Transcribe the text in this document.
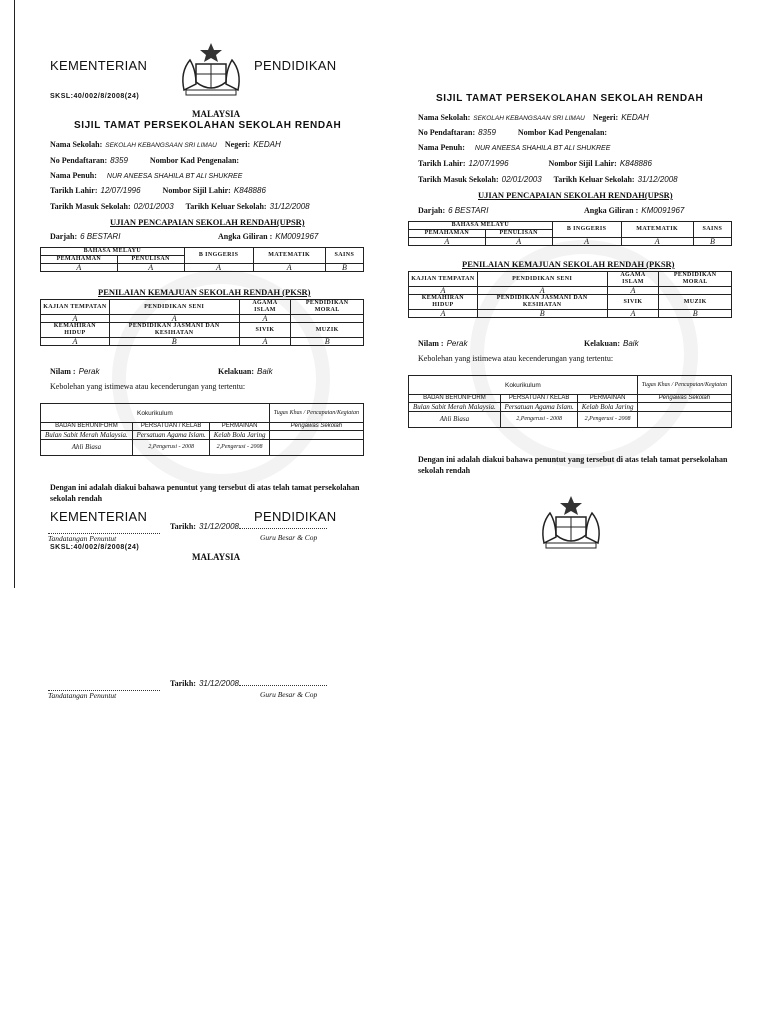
KEMENTERIAN	PENDIDIKAN
SKSL:40/002/8/2008(24)
MALAYSIA
SIJIL TAMAT PERSEKOLAHAN SEKOLAH RENDAH
Nama Sekolah: SEKOLAH KEBANGSAAN SRI LIMAU Negeri: KEDAH
No Pendaftaran: 8359	Nombor Kad Pengenalan:
Nama Penuh: NUR ANEESA SHAHILA BT ALI SHUKREE
Tarikh Lahir: 12/07/1996	Nombor Sijil Lahir: K848886
Tarikh Masuk Sekolah: 02/01/2003 Tarikh Keluar Sekolah: 31/12/2008
UJIAN PENCAPAIAN SEKOLAH RENDAH(UPSR)
Darjah: 6 BESTARI	Angka Giliran : KM0091967
BAHASA MELAYU		B INGGERIS	MATEMATIK	SAINS
PEMAHAMAN	PENULISAN			
A	A	A	A	B
PENILAIAN KEMAJUAN SEKOLAH RENDAH (PKSR)
KAJIAN TEMPATAN	PENDIDIKAN SENI	AGAMA ISLAM	PENDIDIKAN MORAL
A	A	A	
KEMAHIRAN HIDUP	PENDIDIKAN JASMANI DAN KESIHATAN	SIVIK	MUZIK
A	B	A	B
Nilam : Perak	Kelakuan: Baik
Kebolehan yang istimewa atau kecenderungan yang tertentu:
Kokurikulum			Tugas Khas / Pencapaian/Kegiatan
BADAN BERUNIFORM	PERSATUAN / KELAB	PERMAINAN	Pengawas Sekolah
Bulan Sabit Merah Malaysia.	Persatuan Agama Islam.	Kelab Bola Jaring	
Ahli Biasa	2,Pengerusi - 2008	2,Pengerusi - 2008	
Dengan ini adalah diakui bahawa penuntut yang tersebut di atas telah tamat persekolahan sekolah rendah
KEMENTERIAN	PENDIDIKAN
Tarikh: 31/12/2008
Tandatangan Penuntut	Guru Besar & Cop
SKSL:40/002/8/2008(24)
MALAYSIA
Tarikh: 31/12/2008
Tandatangan Penuntut	Guru Besar & Cop
SIJIL TAMAT PERSEKOLAHAN SEKOLAH RENDAH
Nama Sekolah: SEKOLAH KEBANGSAAN SRI LIMAU Negeri: KEDAH
No Pendaftaran: 8359	Nombor Kad Pengenalan:
Nama Penuh: NUR ANEESA SHAHILA BT ALI SHUKREE
Tarikh Lahir: 12/07/1996	Nombor Sijil Lahir: K848886
Tarikh Masuk Sekolah: 02/01/2003 Tarikh Keluar Sekolah: 31/12/2008
UJIAN PENCAPAIAN SEKOLAH RENDAH(UPSR)
Darjah: 6 BESTARI	Angka Giliran : KM0091967
BAHASA MELAYU		B INGGERIS	MATEMATIK	SAINS
PEMAHAMAN	PENULISAN			
A	A	A	A	B
PENILAIAN KEMAJUAN SEKOLAH RENDAH (PKSR)
KAJIAN TEMPATAN	PENDIDIKAN SENI	AGAMA ISLAM	PENDIDIKAN MORAL
A	A	A	
KEMAHIRAN HIDUP	PENDIDIKAN JASMANI DAN KESIHATAN	SIVIK	MUZIK
A	B	A	B
Nilam : Perak	Kelakuan: Baik
Kebolehan yang istimewa atau kecenderungan yang tertentu:
Kokurikulum			Tugas Khas / Pencapaian/Kegiatan
BADAN BERUNIFORM	PERSATUAN / KELAB	PERMAINAN	Pengawas Sekolah
Bulan Sabit Merah Malaysia.	Persatuan Agama Islam.	Kelab Bola Jaring	
Ahli Biasa	2,Pengerusi - 2008	2,Pengerusi - 2008	
Dengan ini adalah diakui bahawa penuntut yang tersebut di atas telah tamat persekolahan sekolah rendah
